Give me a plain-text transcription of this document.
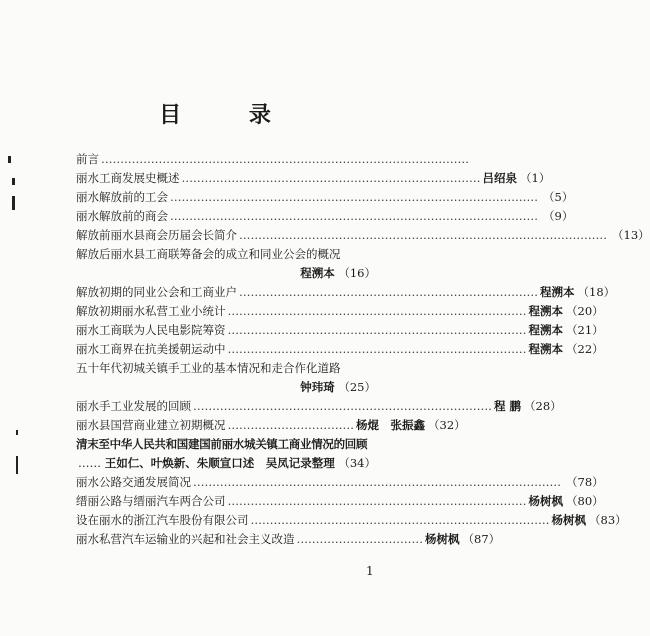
目 录
前言 ……………………………………………………………………………………
丽水工商发展史概述 …………………………………………………………………… 吕绍泉 （1）
丽水解放前的工会 …………………………………………………………………………………… （5）
丽水解放前的商会 …………………………………………………………………………………… （9）
解放前丽水县商会历届会长简介 …………………………………………………………………………………… （13）
解放后丽水县工商联筹备会的成立和同业公会的概况
程溯本 （16）
解放初期的同业公会和工商业户 …………………………………………………………………… 程溯本 （18）
解放初期丽水私营工业小统计 …………………………………………………………………… 程溯本 （20）
丽水工商联为人民电影院筹资 …………………………………………………………………… 程溯本 （21）
丽水工商界在抗美援朝运动中 …………………………………………………………………… 程溯本 （22）
五十年代初城关镇手工业的基本情况和走合作化道路
钟玮琦 （25）
丽水手工业发展的回顾 …………………………………………………………………… 程 鹏 （28）
丽水县国营商业建立初期概况 …………………………… 杨焜　张振鑫 （32）
清末至中华人民共和国建国前丽水城关镇工商业情况的回顾
…… 王如仁、叶焕新、朱顺宣口述　吴凤记录整理 （34）
丽水公路交通发展简况 …………………………………………………………………………………… （78）
缙丽公路与缙丽汽车两合公司 …………………………………………………………………… 杨树枫 （80）
设在丽水的浙江汽车股份有限公司 …………………………………………………………………… 杨树枫 （83）
丽水私营汽车运输业的兴起和社会主义改造 …………………………… 杨树枫 （87）
1
